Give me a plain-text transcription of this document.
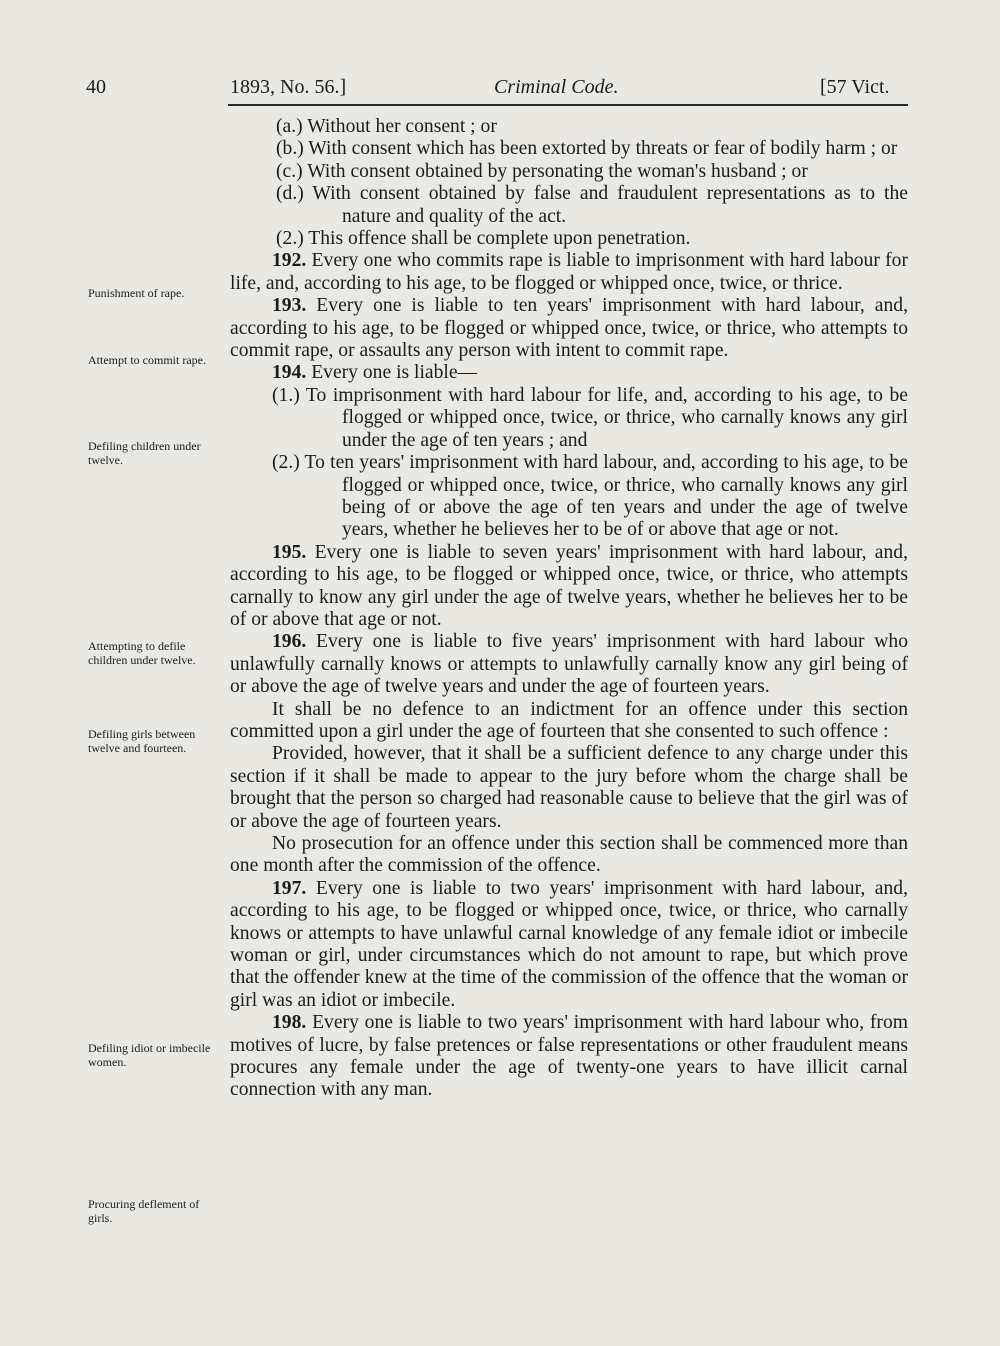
40	1893, No. 56.]	Criminal Code.	[57 Vict.
Punishment of rape.
Attempt to commit rape.
Defiling children under twelve.
Attempting to defile children under twelve.
Defiling girls between twelve and fourteen.
Defiling idiot or imbecile women.
Procuring deflement of girls.

(a.) Without her consent ; or

(b.) With consent which has been extorted by threats or fear of bodily harm ; or

(c.) With consent obtained by personating the woman's husband ; or

(d.) With consent obtained by false and fraudulent representations as to the nature and quality of the act.

(2.) This offence shall be complete upon penetration.

192. Every one who commits rape is liable to imprisonment with hard labour for life, and, according to his age, to be flogged or whipped once, twice, or thrice.

193. Every one is liable to ten years' imprisonment with hard labour, and, according to his age, to be flogged or whipped once, twice, or thrice, who attempts to commit rape, or assaults any person with intent to commit rape.

194. Every one is liable—

(1.) To imprisonment with hard labour for life, and, according to his age, to be flogged or whipped once, twice, or thrice, who carnally knows any girl under the age of ten years ; and

(2.) To ten years' imprisonment with hard labour, and, according to his age, to be flogged or whipped once, twice, or thrice, who carnally knows any girl being of or above the age of ten years and under the age of twelve years, whether he believes her to be of or above that age or not.

195. Every one is liable to seven years' imprisonment with hard labour, and, according to his age, to be flogged or whipped once, twice, or thrice, who attempts carnally to know any girl under the age of twelve years, whether he believes her to be of or above that age or not.

196. Every one is liable to five years' imprisonment with hard labour who unlawfully carnally knows or attempts to unlawfully carnally know any girl being of or above the age of twelve years and under the age of fourteen years.

It shall be no defence to an indictment for an offence under this section committed upon a girl under the age of fourteen that she consented to such offence :

Provided, however, that it shall be a sufficient defence to any charge under this section if it shall be made to appear to the jury before whom the charge shall be brought that the person so charged had reasonable cause to believe that the girl was of or above the age of fourteen years.

No prosecution for an offence under this section shall be commenced more than one month after the commission of the offence.

197. Every one is liable to two years' imprisonment with hard labour, and, according to his age, to be flogged or whipped once, twice, or thrice, who carnally knows or attempts to have unlawful carnal knowledge of any female idiot or imbecile woman or girl, under circumstances which do not amount to rape, but which prove that the offender knew at the time of the commission of the offence that the woman or girl was an idiot or imbecile.

198. Every one is liable to two years' imprisonment with hard labour who, from motives of lucre, by false pretences or false representations or other fraudulent means procures any female under the age of twenty-one years to have illicit carnal connection with any man.
